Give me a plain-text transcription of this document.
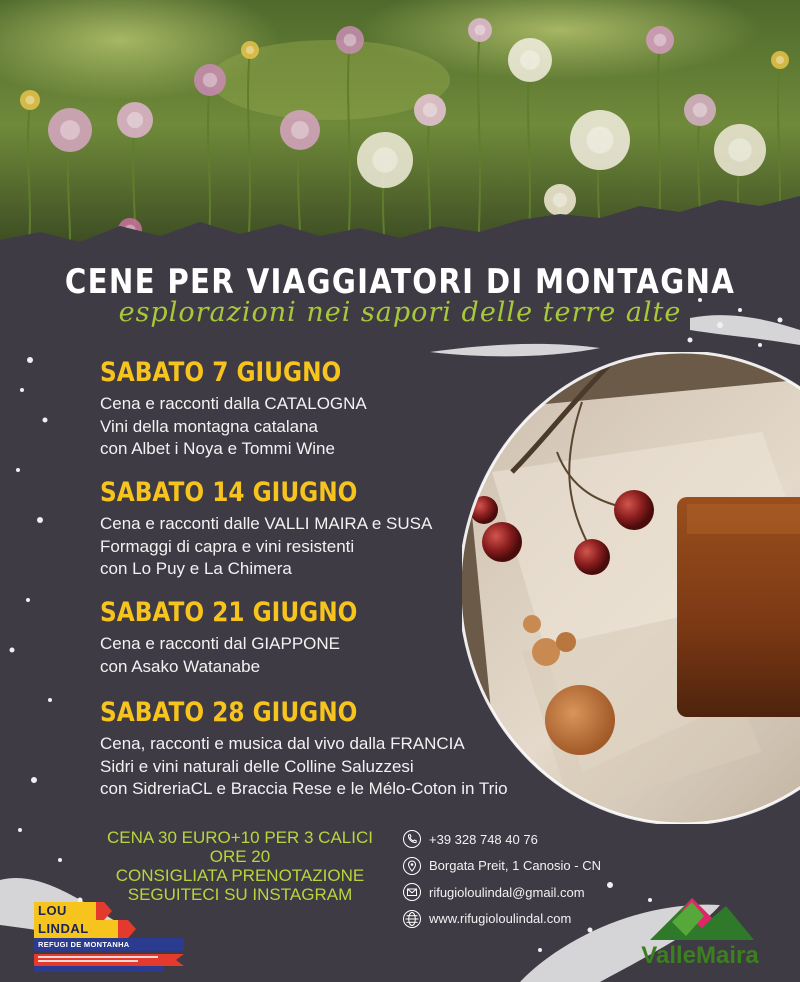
CENE PER VIAGGIATORI DI MONTAGNA
esplorazioni nei sapori delle terre alte
SABATO 7 GIUGNO
Cena e racconti dalla CATALOGNA
Vini della montagna catalana
con Albet i Noya e Tommi Wine
SABATO 14 GIUGNO
Cena e racconti dalle VALLI MAIRA e SUSA
Formaggi di capra e vini resistenti
con Lo Puy e La Chimera
SABATO 21 GIUGNO
Cena e racconti dal GIAPPONE
con Asako Watanabe
SABATO 28 GIUGNO
Cena, racconti e musica dal vivo dalla FRANCIA
Sidri e vini naturali delle Colline Saluzzesi
con SidreriaCL e Braccia Rese e le Mélo-Coton in Trio
CENA 30 EURO+10 PER 3 CALICI
ORE 20
CONSIGLIATA PRENOTAZIONE
SEGUITECI SU INSTAGRAM
+39 328 748 40 76
Borgata Preit, 1 Canosio - CN
rifugioloulindal@gmail.com
www.rifugioloulindal.com
LOU
LINDAL
REFUGI DE MONTANHA	ValleMaira
